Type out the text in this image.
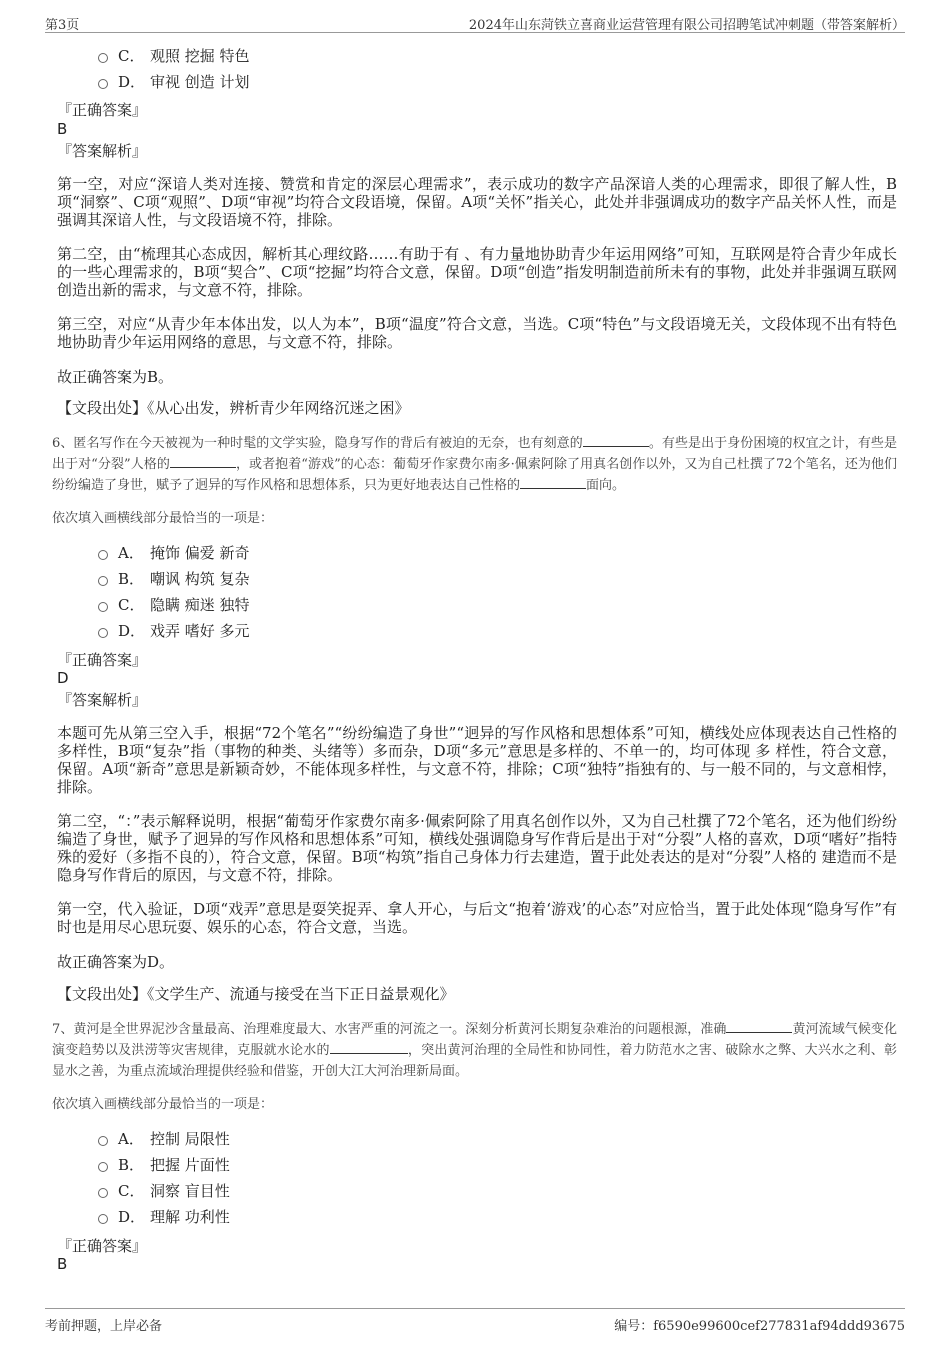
第3页	2024年山东菏铁立喜商业运营管理有限公司招聘笔试冲刺题（带答案解析）
C． 观照 挖掘 特色
D． 审视 创造 计划
『正确答案』
B
『答案解析』
第一空，对应“深谙人类对连接、赞赏和肯定的深层心理需求”，表示成功的数字产品深谙人类的心理需求，即很了解人性，B项“洞察”、C项“观照”、D项“审视”均符合文段语境，保留。A项“关怀”指关心，此处并非强调成功的数字产品关怀人性，而是强调其深谙人性，与文段语境不符，排除。
第二空，由“梳理其心态成因，解析其心理纹路……有助于有 、有力量地协助青少年运用网络”可知，互联网是符合青少年成长的一些心理需求的，B项“契合”、C项“挖掘”均符合文意，保留。D项“创造”指发明制造前所未有的事物，此处并非强调互联网创造出新的需求，与文意不符，排除。
第三空，对应“从青少年本体出发，以人为本”，B项“温度”符合文意，当选。C项“特色”与文段语境无关，文段体现不出有特色地协助青少年运用网络的意思，与文意不符，排除。
故正确答案为B。
【文段出处】《从心出发，辨析青少年网络沉迷之困》
6、匿名写作在今天被视为一种时髦的文学实验，隐身写作的背后有被迫的无奈，也有刻意的	。有些是出于身份困境的权宜之计，有些是出于对“分裂”人格的	，或者抱着“游戏”的心态：葡萄牙作家费尔南多·佩索阿除了用真名创作以外，又为自己杜撰了72个笔名，还为他们纷纷编造了身世，赋予了迥异的写作风格和思想体系，只为更好地表达自己性格的	面向。
依次填入画横线部分最恰当的一项是：
A． 掩饰 偏爱 新奇
B． 嘲讽 构筑 复杂
C． 隐瞒 痴迷 独特
D． 戏弄 嗜好 多元
『正确答案』
D
『答案解析』
本题可先从第三空入手，根据“72个笔名”“纷纷编造了身世”“迥异的写作风格和思想体系”可知，横线处应体现表达自己性格的多样性，B项“复杂”指（事物的种类、头绪等）多而杂，D项“多元”意思是多样的、不单一的，均可体现 多 样性，符合文意，保留。A项“新奇”意思是新颖奇妙，不能体现多样性，与文意不符，排除；C项“独特”指独有的、与一般不同的，与文意相悖，排除。
第二空，“：”表示解释说明，根据“葡萄牙作家费尔南多·佩索阿除了用真名创作以外，又为自己杜撰了72个笔名，还为他们纷纷编造了身世，赋予了迥异的写作风格和思想体系”可知，横线处强调隐身写作背后是出于对“分裂”人格的喜欢，D项“嗜好”指特殊的爱好（多指不良的），符合文意，保留。B项“构筑”指自己身体力行去建造，置于此处表达的是对“分裂”人格的 建造而不是隐身写作背后的原因，与文意不符，排除。
第一空，代入验证，D项“戏弄”意思是耍笑捉弄、拿人开心，与后文“抱着‘游戏’的心态”对应恰当，置于此处体现“隐身写作”有时也是用尽心思玩耍、娱乐的心态，符合文意，当选。
故正确答案为D。
【文段出处】《文学生产、流通与接受在当下正日益景观化》
7、黄河是全世界泥沙含量最高、治理难度最大、水害严重的河流之一。深刻分析黄河长期复杂难治的问题根源，准确	黄河流域气候变化演变趋势以及洪涝等灾害规律，克服就水论水的	，突出黄河治理的全局性和协同性，着力防范水之害、破除水之弊、大兴水之利、彰显水之善，为重点流域治理提供经验和借鉴，开创大江大河治理新局面。
依次填入画横线部分最恰当的一项是：
A． 控制 局限性
B． 把握 片面性
C． 洞察 盲目性
D． 理解 功利性
『正确答案』
B
考前押题，上岸必备	编号：f6590e99600cef277831af94ddd93675
